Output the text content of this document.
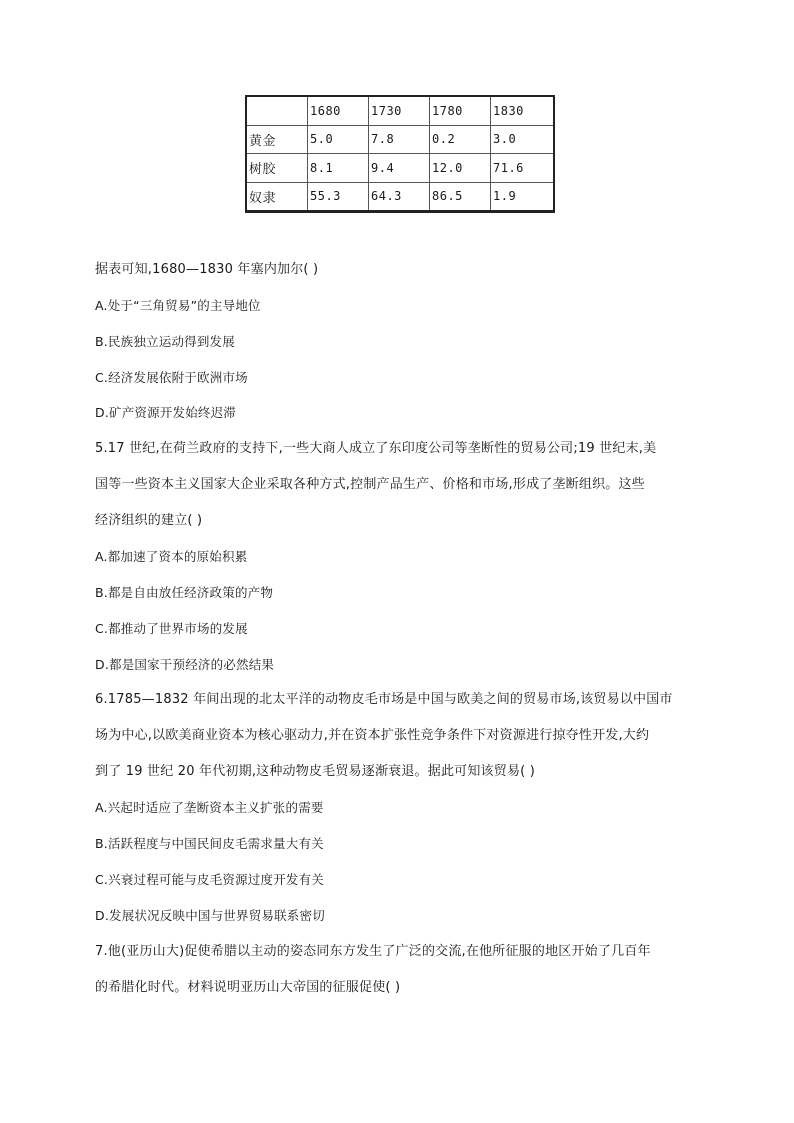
	1680	1730	1780	1830
黄金	5.0	7.8	0.2	3.0
树胶	8.1	9.4	12.0	71.6
奴隶	55.3	64.3	86.5	1.9
据表可知,1680—1830 年塞内加尔( )
A.处于“三角贸易”的主导地位
B.民族独立运动得到发展
C.经济发展依附于欧洲市场
D.矿产资源开发始终迟滞
5.17 世纪,在荷兰政府的支持下,一些大商人成立了东印度公司等垄断性的贸易公司;19 世纪末,美
国等一些资本主义国家大企业采取各种方式,控制产品生产、价格和市场,形成了垄断组织。这些
经济组织的建立( )
A.都加速了资本的原始积累
B.都是自由放任经济政策的产物
C.都推动了世界市场的发展
D.都是国家干预经济的必然结果
6.1785—1832 年间出现的北太平洋的动物皮毛市场是中国与欧美之间的贸易市场,该贸易以中国市
场为中心,以欧美商业资本为核心驱动力,并在资本扩张性竞争条件下对资源进行掠夺性开发,大约
到了 19 世纪 20 年代初期,这种动物皮毛贸易逐渐衰退。据此可知该贸易( )
A.兴起时适应了垄断资本主义扩张的需要
B.活跃程度与中国民间皮毛需求量大有关
C.兴衰过程可能与皮毛资源过度开发有关
D.发展状况反映中国与世界贸易联系密切
7.他(亚历山大)促使希腊以主动的姿态同东方发生了广泛的交流,在他所征服的地区开始了几百年
的希腊化时代。材料说明亚历山大帝国的征服促使( )
